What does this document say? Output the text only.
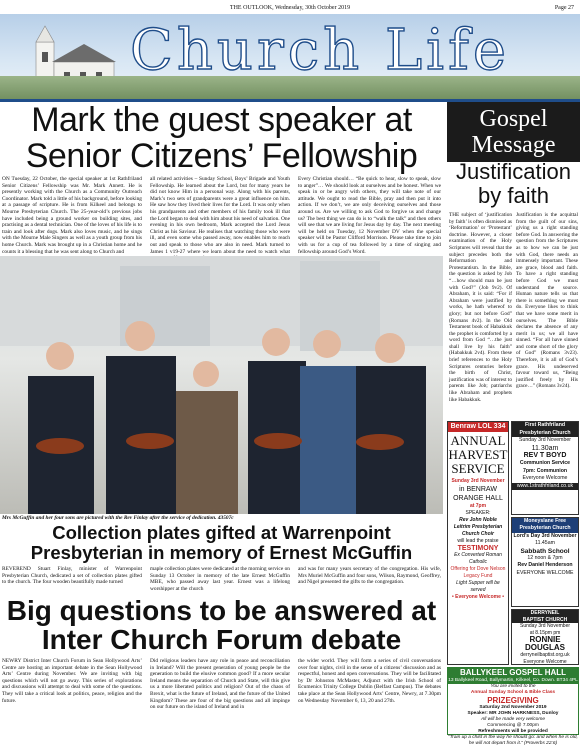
THE OUTLOOK, Wednesday, 30th October 2019	Page 27
Church Life
Mark the guest speaker at Senior Citizens’ Fellowship
ON Tuesday, 22 October, the special speaker at 1st Rathfriland Senior Citizens’ Fellowship was Mr. Mark Annett. He is presently working with the Church as a Community Outreach Coordinator. Mark told a little of his background, before looking at a passage of scripture. He is from Kilkeel and belongs to Mourne Presbyterian Church. The 25-year-old’s previous jobs have included being a ground worker on building sites, and practising as a dental technician. One of the loves of his life is to train and look after dogs. Mark also loves music, and he sings with the Mourne Male Singers as well as a youth group from his home Church. Mark was brought up in a Christian home and he counts it a blessing that he was sent along to Church and
all related activities – Sunday School, Boys’ Brigade and Youth Fellowship. He learned about the Lord, but for many years he did not know Him in a personal way. Along with his parents, Mark’s two sets of grandparents were a great influence on him. He saw how they lived their lives for the Lord. It was only when his grandparents and other members of his family took ill that the Lord began to deal with him about his need of salvation. One evening in his own bedroom, Mark accepted the Lord Jesus Christ as his Saviour. He realises that watching those who were ill, and even some who passed away, now enables him to reach out and speak to those who are also in need. Mark turned to James 1 v19-27 where we learn about the need to watch what
Every Christian should… “Be quick to hear, slow to speak, slow to anger”… We should look at ourselves and be honest. When we speak in or be angry with others, they will take note of our attitude. We ought to read the Bible, pray and then put it into action. If we don’t, we are only deceiving ourselves and those around us. Are we willing to ask God to forgive us and change us? The best thing we can do is to “walk the talk” and then others will see that we are living for Jesus day by day. The next meeting will be held on Tuesday, 12 November DV when the special speaker will be Pastor Clifford Morrison. Please take time to join with us for a cup of tea followed by a time of singing and fellowship around God’s Word.
Mrs McGuffin and her four sons are pictured with the Rev Finlay after the service of dedication. 43507c
Collection plates gifted at Warrenpoint Presbyterian in memory of Ernest McGuffin
REVEREND Stuart Finlay, minister of Warrenpoint Presbyterian Church, dedicated a set of collection plates gifted to the church. The four wooden beautifully made turned
maple collection plates were dedicated at the morning service on Sunday 13 October in memory of the late Ernest McGuffin MBE, who passed away last year. Ernest was a lifelong worshipper at the church
and was for many years secretary of the congregation. His wife, Mrs Muriel McGuffin and four sons, Wilson, Raymond, Geoffrey, and Nigel presented the gifts to the congregation.
Big questions to be answered at Inter Church Forum debate
NEWRY District Inter Church Forum in Sean Hollywood Arts’ Centre are hosting an important debate in the Sean Hollywood Arts’ Centre during November. We are inviting with big questions which will not go away. This series of explorations and discussions will attempt to deal with some of the questions. They will take a critical look at politics, peace, religion and the future.
Did religious leaders have any role in peace and reconciliation in Ireland? Will the present generation of young people be the generation to build the elusive common good? If a more secular Ireland means the separation of Church and State, will this give us a more liberated politics and religion? Out of the chaos of Brexit, what is the future of Ireland, and the future of the United Kingdom? These are four of the big questions and all impinge on our future on the island of Ireland and in
the wider world. They will form a series of civil conversations over four nights, civil in the sense of a citizens’ discussion and as respectful, honest and open conversations. They will be facilitated by Dr Johnston McMaster, Adjunct with the Irish School of Ecumenics Trinity College Dublin (Belfast Campus). The debates take place at the Sean Hollywood Arts’ Centre, Newry, at 7.30pm on Wednesday November 6, 13, 20 and 27th.
Gospel Message
Justification by faith
THE subject of ‘justification by faith’ is often dismissed as ‘Reformation’ or ‘Protestant’ doctrine. However, a closer examination of the Holy Scriptures will reveal that the subject precedes both the Reformation and Protestantism. In the Bible, the question is asked by Job “…how should man be just with God?” (Job 9v2). Of Abraham, it is said: “For if Abraham were justified by works, he hath whereof to glory; but not before God” (Romans 4v2). In the Old Testament book of Habakkuk the prophet is comforted by a word from God “…the just shall live by his faith” (Habakkuk 2v4). From these brief references to the Holy Scriptures centuries before the birth of Christ, justification was of interest to parents like Job; patriarchs like Abraham and prophets like Habakkuk.
Justification is the acquittal from the guilt of our sins, giving us a right standing before God. In answering the question from the Scriptures as to how we can be just with God, there needs an immensely important. These are grace, blood and faith. To have a right standing before God we must understand the source. Human nature tells us that there is something we must do. Everyone likes to think that we have some merit in ourselves. The Bible declares the absence of any merit in us; we all have sinned. “For all have sinned and come short of the glory of God” (Romans 3v23). Therefore, it is all of God’s grace. His undeserved favour toward us, “Being justified freely by His grace…” (Romans 3v24).
First Rathfriland
Presbyterian Church
Sunday 3rd November
11.30am
REV T BOYD
Communion Service
7pm: Communion
Everyone Welcome
www.1strathfriland.co.uk
Benraw LOL 334
ANNUAL HARVEST SERVICE
Sunday 3rd November
in BENRAW ORANGE HALL
at 7pm
SPEAKER:
Rev John Noble
Leitrim Presbyterian Church Choir
will lead the praise
TESTIMONY
Ex Converted Roman Catholic
Offering for Dove Nelson Legacy Fund
Light Supper will be served
• Everyone Welcome •
Moneyslane Free
Presbyterian Church
Lord’s Day 3rd November
11.45am
Sabbath School
12 noon & 7pm
Rev Daniel Henderson
EVERYONE WELCOME
DERRYNEIL
BAPTIST CHURCH
Sunday 3rd November
at 8.15pm pm
RONNIE
DOUGLAS
derryneilbaptist.org.uk
Everyone Welcome
BALLYKEEL GOSPEL HALL
13 Ballykeel Road, Ballymartin, Kilkeel, Co. Down. BT34 4PL
You are invited to the
Annual Sunday School & Bible Class
PRIZEGIVING
Saturday 2nd November 2019
Speaker: MR JOHN HARKNESS, Dunloy
All will be made very welcome
Commencing @ 7.00pm
Refreshments will be provided
“Train up a child in the way he should go: and when he is old, he will not depart from it.” (Proverbs 22:6)
